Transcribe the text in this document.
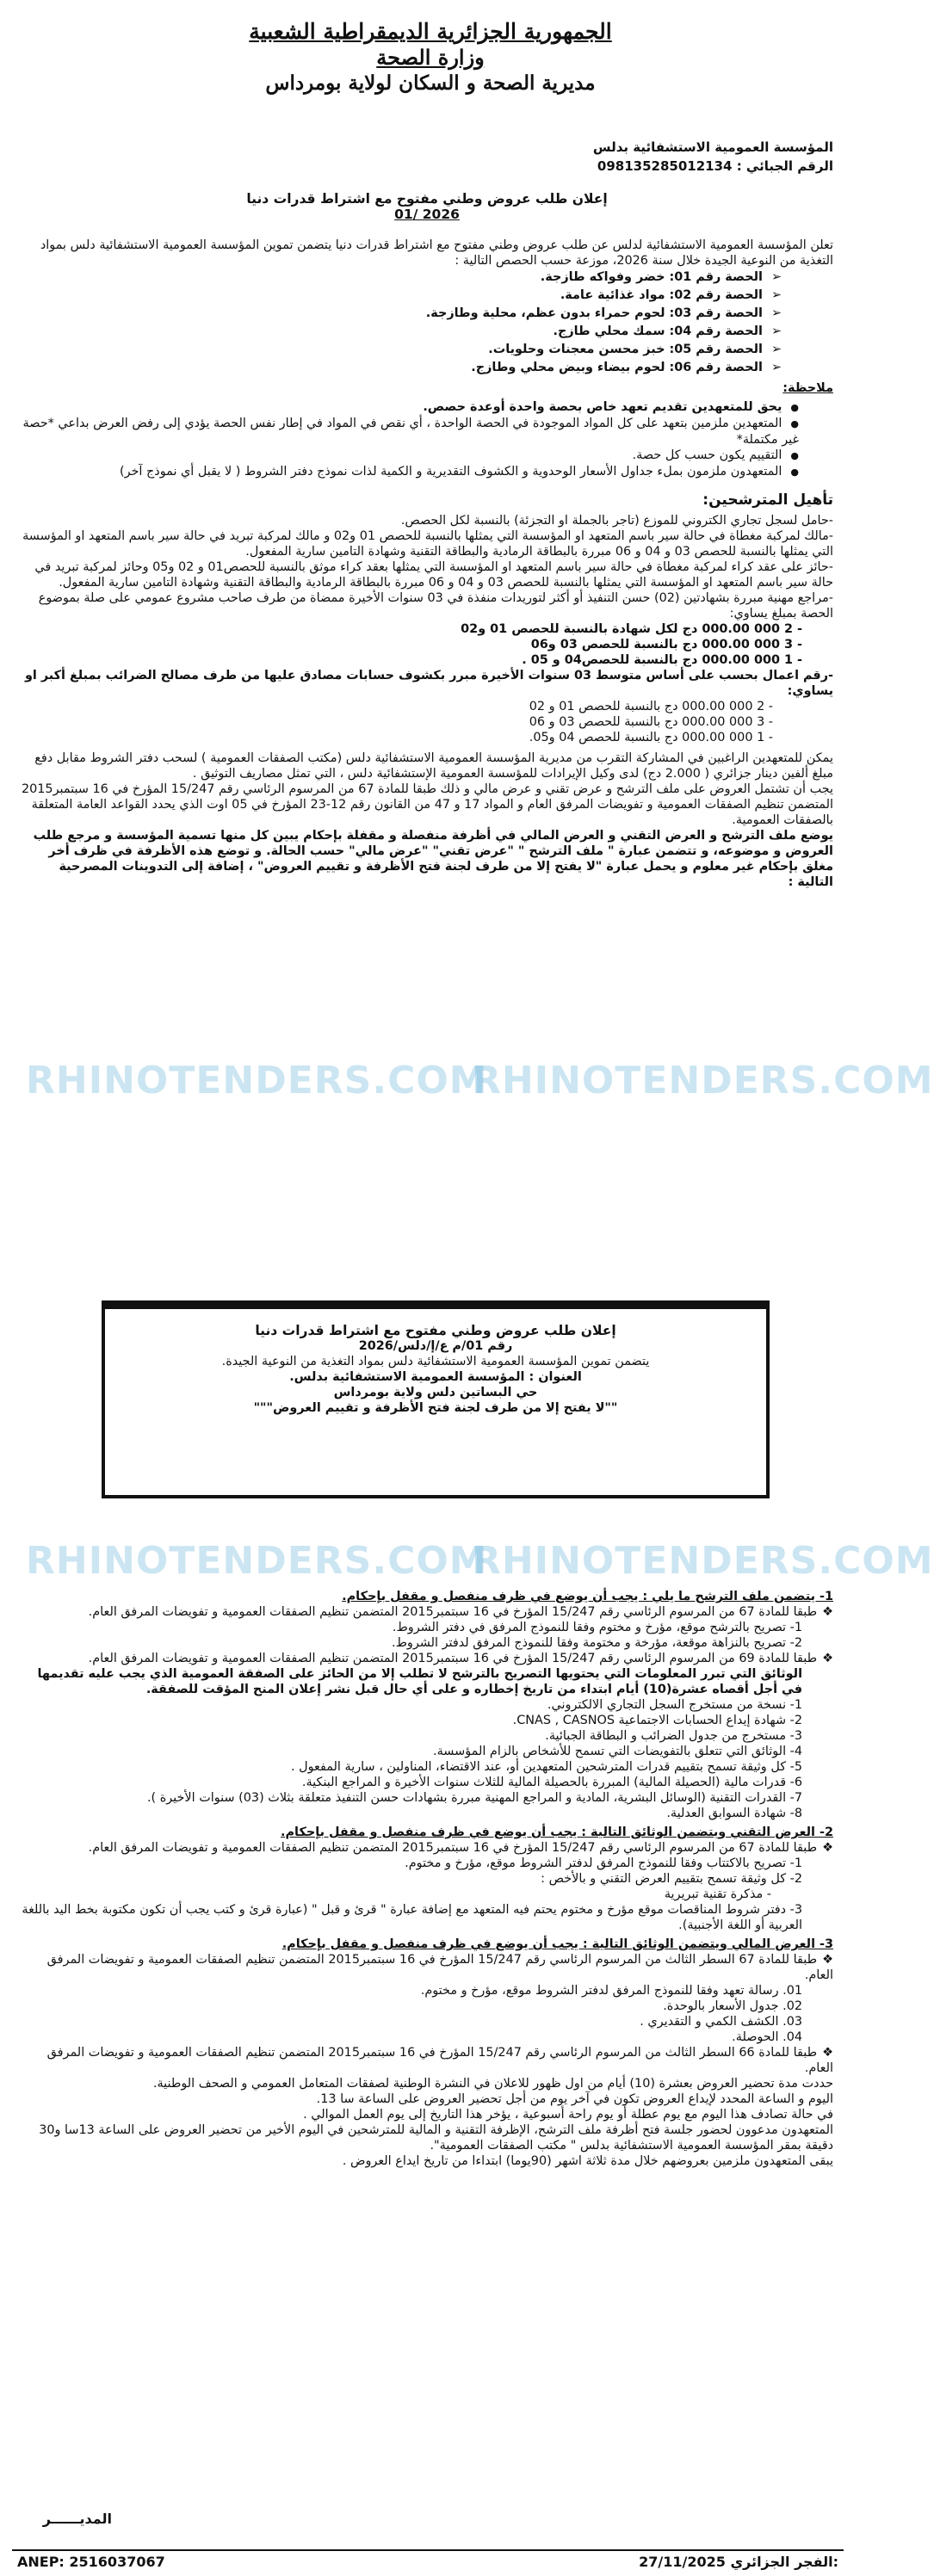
الجمهورية الجزائرية الديمقراطية الشعبية
وزارة الصحة
مديرية الصحة و السكان لولاية بومرداس
المؤسسة العمومية الاستشفائية بدلس
الرقم الجبائي : 098135285012134
إعلان طلب عروض وطني مفتوح مع اشتراط قدرات دنيا
2026 /01
تعلن المؤسسة العمومية الاستشفائية لدلس عن طلب عروض وطني مفتوح مع اشتراط قدرات دنيا يتضمن تموين المؤسسة العمومية الاستشفائية دلس بمواد التغذية من النوعية الجيدة خلال سنة 2026، موزعة حسب الحصص التالية :
➢ الحصة رقم 01: خضر وفواكه طازجة.
➢ الحصة رقم 02: مواد غذائية عامة.
➢ الحصة رقم 03: لحوم حمراء بدون عظم، محلية وطازجة.
➢ الحصة رقم 04: سمك محلي طازج.
➢ الحصة رقم 05: خبز محسن معجنات وحلويات.
➢ الحصة رقم 06: لحوم بيضاء وبيض محلي وطازج.
ملاحظة:
● يحق للمتعهدين تقديم تعهد خاص بحصة واحدة أوعدة حصص.
● المتعهدين ملزمين بتعهد على كل المواد الموجودة في الحصة الواحدة ، أي نقص في المواد في إطار نفس الحصة يؤدي إلى رفض العرض بداعي *حصة غير مكتملة*
● التقييم يكون حسب كل حصة.
● المتعهدون ملزمون بملء جداول الأسعار الوحدوية و الكشوف التقديرية و الكمية لذات نموذج دفتر الشروط ( لا يقبل أي نموذج آخر)
تأهيل المترشحين:
-حامل لسجل تجاري الكتروني للموزع (تاجر بالجملة او التجزئة) بالنسبة لكل الحصص.
-مالك لمركبة مغطاة في حالة سير باسم المتعهد او المؤسسة التي يمثلها بالنسبة للحصص 01 و02 و مالك لمركبة تبريد في حالة سير باسم المتعهد او المؤسسة التي يمثلها بالنسبة للحصص 03 و 04 و 06 مبررة بالبطاقة الرمادية والبطاقة التقنية وشهادة التامين سارية المفعول.
-حائز على عقد كراء لمركبة مغطاة في حالة سير باسم المتعهد او المؤسسة التي يمثلها بعقد كراء موثق بالنسبة للحصص01 و 02 و05 وحائز لمركبة تبريد في حالة سير باسم المتعهد او المؤسسة التي يمثلها بالنسبة للحصص 03 و 04 و 06 مبررة بالبطاقة الرمادية والبطاقة التقنية وشهادة التامين سارية المفعول.
-مراجع مهنية مبررة بشهادتين (02) حسن التنفيذ أو أكثر لتوريدات منفذة في 03 سنوات الأخيرة ممضاة من طرف صاحب مشروع عمومي على صلة بموضوع الحصة بمبلغ يساوي:
- 2 000 000.00 دج لكل شهادة بالنسبة للحصص 01 و02
- 3 000 000.00 دج بالنسبة للحصص 03 و06
- 1 000 000.00 دج بالنسبة للحصص04 و 05 .
-رقم اعمال بحسب على أساس متوسط 03 سنوات الأخيرة مبرر بكشوف حسابات مصادق عليها من طرف مصالح الضرائب بمبلغ أكبر او يساوي:
- 2 000 000.00 دج بالنسبة للحصص 01 و 02
- 3 000 000.00 دج بالنسبة للحصص 03 و 06
- 1 000 000.00 دج بالنسبة للحصص 04 و05.
يمكن للمتعهدين الراغبين في المشاركة التقرب من مديرية المؤسسة العمومية الاستشفائية دلس (مكتب الصفقات العمومية ) لسحب دفتر الشروط مقابل دفع مبلغ ألفين دينار جزائري ( 2.000 دج) لدى وكيل الإيرادات للمؤسسة العمومية الإستشفائية دلس ، التي تمثل مصاريف التوثيق .
يجب أن تشتمل العروض على ملف الترشح و عرض تقني و عرض مالي و ذلك طبقا للمادة 67 من المرسوم الرئاسي رقم 15/247 المؤرخ في 16 سبتمبر2015 المتضمن تنظيم الصفقات العمومية و تفويضات المرفق العام و المواد 17 و 47 من القانون رقم 12-23 المؤرخ في 05 اوت الذي يحدد القواعد العامة المتعلقة بالصفقات العمومية.
يوضع ملف الترشح و العرض التقني و العرض المالي في أظرفة منفصلة و مقفلة بإحكام يبين كل منها تسمية المؤسسة و مرجع طلب العروض و موضوعه، و تتضمن عبارة " ملف الترشح " "عرض تقني" "عرض مالي" حسب الحالة. و توضع هذه الأظرفة في ظرف أخر مغلق بإحكام غير معلوم و يحمل عبارة "لا يفتح إلا من طرف لجنة فتح الأظرفة و تقييم العروض" ، إضافة إلى التدوينات المصرحية التالية :
RHINOTENDERS.COM
RHINOTENDERS.COM
RHINOTENDERS.COM
RHINOTENDERS.COM
إعلان طلب عروض وطني مفتوح مع اشتراط قدرات دنيا
رقم 01/م ع/إ/دلس/2026
يتضمن تموين المؤسسة العمومية الاستشفائية دلس بمواد التغذية من النوعية الجيدة.
العنوان : المؤسسة العمومية الاستشفائية بدلس.
حي البساتين دلس ولاية بومرداس
""لا يفتح إلا من طرف لجنة فتح الأظرفة و تقييم العروض"""
1- يتضمن ملف الترشح ما يلي : يجب أن يوضع في ظرف منفصل و مقفل بإحكام.
❖ طبقا للمادة 67 من المرسوم الرئاسي رقم 15/247 المؤرخ في 16 سبتمبر2015 المتضمن تنظيم الصفقات العمومية و تفويضات المرفق العام.
1- تصريح بالترشح موقع، مؤرخ و مختوم وفقا للنموذج المرفق في دفتر الشروط.
2- تصريح بالنزاهة موقعة، مؤرخة و مختومة وفقا للنموذج المرفق لدفتر الشروط.
❖ طبقا للمادة 69 من المرسوم الرئاسي رقم 15/247 المؤرخ في 16 سبتمبر2015 المتضمن تنظيم الصفقات العمومية و تفويضات المرفق العام.
الوثائق التي تبرر المعلومات التي يحتويها التصريح بالترشح لا تطلب إلا من الحائز على الصفقة العمومية الذي يجب عليه تقديمها في أجل أقصاه عشرة(10) أيام ابتداء من تاريخ إخطاره و على أي حال قبل نشر إعلان المنح المؤقت للصفقة.
1- نسخة من مستخرج السجل التجاري الالكتروني.
2- شهادة إيداع الحسابات الاجتماعية CNAS , CASNOS.
3- مستخرج من جدول الضرائب و البطاقة الجبائية.
4- الوثائق التي تتعلق بالتفويضات التي تسمح للأشخاص بالزام المؤسسة.
5- كل وثيقة تسمح بتقييم قدرات المترشحين المتعهدين أو، عند الاقتضاء، المناولين ، سارية المفعول .
6- قدرات مالية (الحصيلة المالية) المبررة بالحصيلة المالية للثلاث سنوات الأخيرة و المراجع البنكية.
7- القدرات التقنية (الوسائل البشرية، المادية و المراجع المهنية مبررة بشهادات حسن التنفيذ متعلقة بثلاث (03) سنوات الأخيرة ).
8- شهادة السوابق العدلية.
2- العرض التقني ويتضمن الوثائق التالية : يجب أن يوضع في ظرف منفصل و مقفل بإحكام.
❖ طبقا للمادة 67 من المرسوم الرئاسي رقم 15/247 المؤرخ في 16 سبتمبر2015 المتضمن تنظيم الصفقات العمومية و تفويضات المرفق العام.
1- تصريح بالاكتتاب وفقا للنموذج المرفق لدفتر الشروط موقع، مؤرخ و مختوم.
2- كل وثيقة تسمح بتقييم العرض التقني و بالأخص :
- مذكرة تقنية تبريرية
3- دفتر شروط المناقصات موقع مؤرخ و مختوم يحتم فيه المتعهد مع إضافة عبارة " قرئ و قبل " (عبارة قرئ و كتب يجب أن تكون مكتوبة بخط اليد باللغة العربية أو اللغة الأجنبية).
3- العرض المالي ويتضمن الوثائق التالية : يجب أن يوضع في ظرف منفصل و مقفل بإحكام.
❖ طبقا للمادة 67 السطر الثالث من المرسوم الرئاسي رقم 15/247 المؤرخ في 16 سبتمبر2015 المتضمن تنظيم الصفقات العمومية و تفويضات المرفق العام.
01. رسالة تعهد وفقا للنموذج المرفق لدفتر الشروط موقع، مؤرخ و مختوم.
02. جدول الأسعار بالوحدة.
03. الكشف الكمي و التقديري .
04. الحوصلة.
❖ طبقا للمادة 66 السطر الثالث من المرسوم الرئاسي رقم 15/247 المؤرخ في 16 سبتمبر2015 المتضمن تنظيم الصفقات العمومية و تفويضات المرفق العام.
حددت مدة تحضير العروض بعشرة (10) أيام من اول ظهور للاعلان في النشرة الوطنية لصفقات المتعامل العمومي و الصحف الوطنية.
اليوم و الساعة المحدد لإيداع العروض تكون في آخر يوم من أجل تحضير العروض على الساعة سا 13.
في حالة تصادف هذا اليوم مع يوم عطلة أو يوم راحة أسبوعية ، يؤخر هذا التاريخ إلى يوم العمل الموالي .
المتعهدون مدعوون لحضور جلسة فتح أظرفة ملف الترشح، الإظرفة التقنية و المالية للمترشحين في اليوم الأخير من تحضير العروض على الساعة 13سا و30 دقيقة بمقر المؤسسة العمومية الاستشفائية بدلس " مكتب الصفقات العمومية".
يبقى المتعهدون ملزمين بعروضهم خلال مدة ثلاثة اشهر (90يوما) ابتداءا من تاريخ ايداع العروض .
المديــــــر
ANEP: 2516037067	27/11/2025 الفجر الجزائري:
